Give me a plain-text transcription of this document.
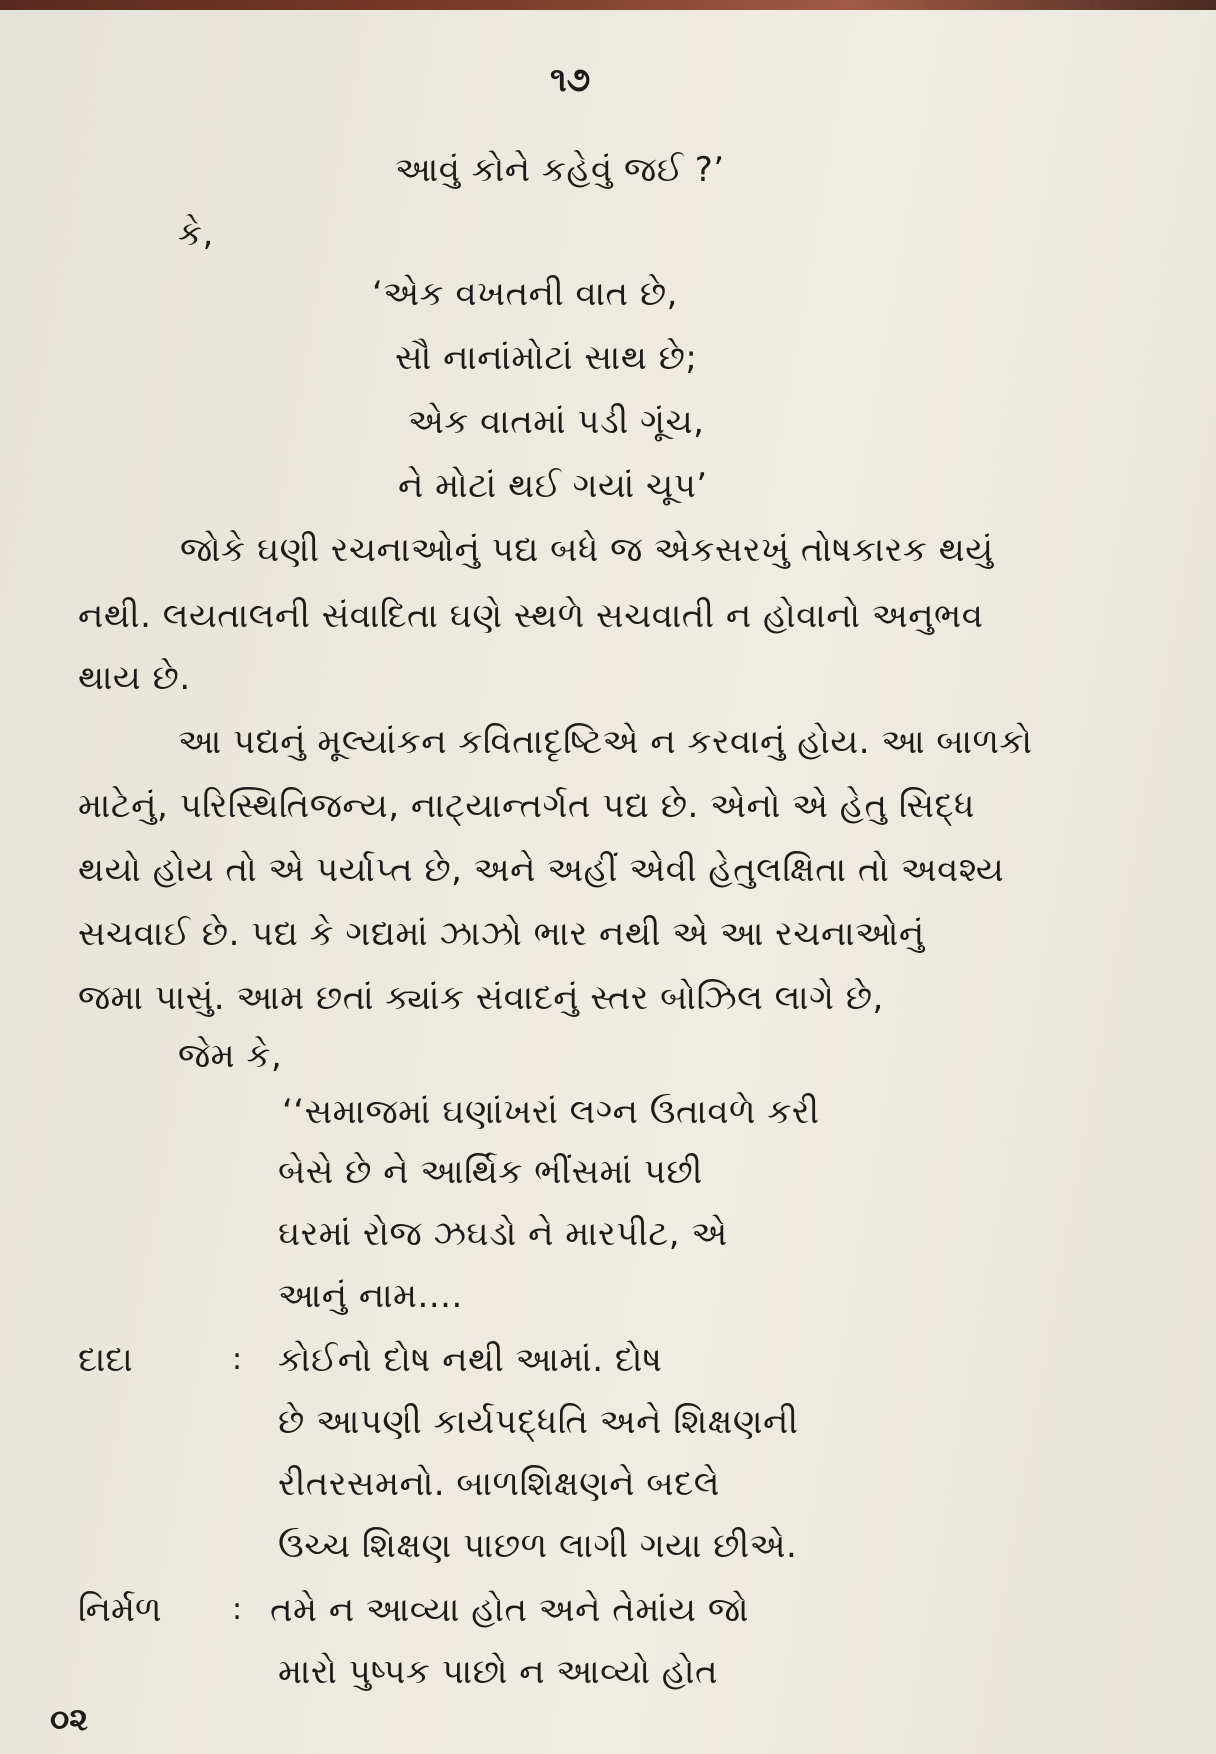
૧૭
આવું કોને કહેવું જઈ ?’
કે,
‘એક વખતની વાત છે,
સૌ નાનાંમોટાં સાથ છે;
એક વાતમાં પડી ગૂંચ,
ને મોટાં થઈ ગયાં ચૂપ’
જોકે ઘણી રચનાઓનું પદ્ય બધે જ એકસરખું તોષકારક થયું
નથી. લયતાલની સંવાદિતા ઘણે સ્થળે સચવાતી ન હોવાનો અનુભવ
થાય છે.
આ પદ્યનું મૂલ્યાંકન કવિતાદૃષ્ટિએ ન કરવાનું હોય. આ બાળકો
માટેનું, પરિસ્થિતિજન્ય, નાટ્યાન્તર્ગત પદ્ય છે. એનો એ હેતુ સિદ્ધ
થયો હોય તો એ પર્યાપ્ત છે, અને અહીં એવી હેતુલક્ષિતા તો અવશ્ય
સચવાઈ છે. પદ્ય કે ગદ્યમાં ઝાઝો ભાર નથી એ આ રચનાઓનું
જમા પાસું. આમ છતાં ક્યાંક સંવાદનું સ્તર બોઝિલ લાગે છે,
જેમ કે,
‘‘સમાજમાં ઘણાંખરાં લગ્ન ઉતાવળે કરી
બેસે છે ને આર્થિક ભીંસમાં પછી
ઘરમાં રોજ ઝઘડો ને મારપીટ, એ
આનું નામ....
દાદા	: કોઈનો દોષ નથી આમાં. દોષ
છે આપણી કાર્યપદ્ધતિ અને શિક્ષણની
રીતરસમનો. બાળશિક્ષણને બદલે
ઉચ્ચ શિક્ષણ પાછળ લાગી ગયા છીએ.
નિર્મળ : તમે ન આવ્યા હોત અને તેમાંય જો
મારો પુષ્પક પાછો ન આવ્યો હોત
૦૨
